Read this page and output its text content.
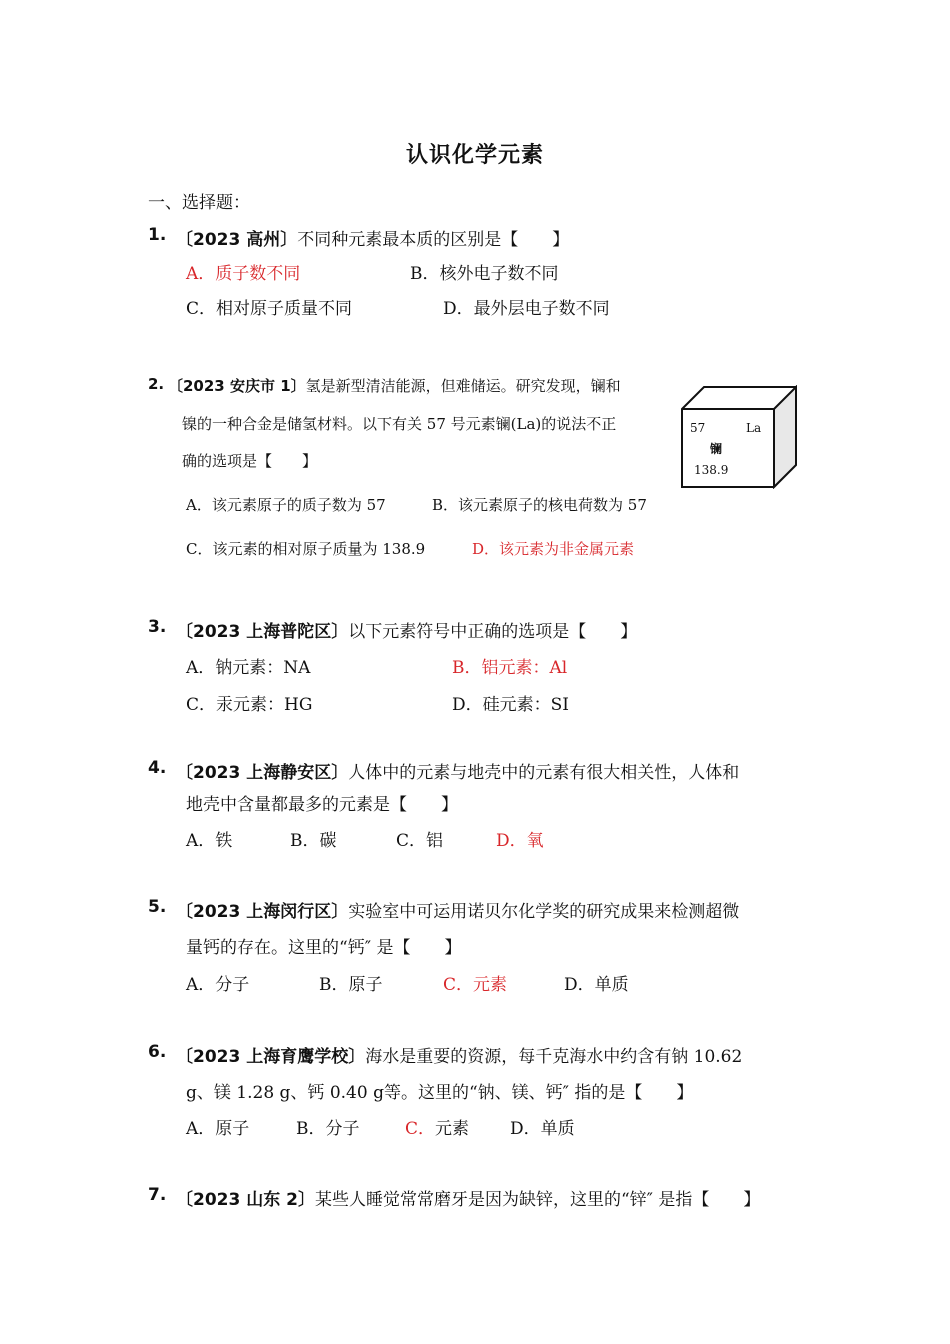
认识化学元素
一、选择题：
1. 〔2023 高州〕不同种元素最本质的区别是【　　】
A．质子数不同	B．核外电子数不同
C．相对原子质量不同	D．最外层电子数不同
2. 〔2023 安庆市 1〕氢是新型清洁能源，但难储运。研究发现，镧和
镍的一种合金是储氢材料。以下有关 57 号元素镧(La)的说法不正
确的选项是【　　】
A．该元素原子的质子数为 57	B．该元素原子的核电荷数为 57
C．该元素的相对原子质量为 138.9	D．该元素为非金属元素
57	La
镧
138.9
3. 〔2023 上海普陀区〕以下元素符号中正确的选项是【　　】
A．钠元素：NA	B．铝元素：Al
C．汞元素：HG	D．硅元素：SI
4. 〔2023 上海静安区〕人体中的元素与地壳中的元素有很大相关性，人体和
地壳中含量都最多的元素是【　　】
A．铁	B．碳	C．铝	D．氧
5. 〔2023 上海闵行区〕实验室中可运用诺贝尔化学奖的研究成果来检测超微
量钙的存在。这里的“钙″ 是【　　】
A．分子	B．原子	C．元素	D．单质
6. 〔2023 上海育鹰学校〕海水是重要的资源，每千克海水中约含有钠 10.62
g、镁 1.28 g、钙 0.40 g等。这里的“钠、镁、钙″ 指的是【　　】
A．原子	B．分子	C．元素 D．单质
7. 〔2023 山东 2〕某些人睡觉常常磨牙是因为缺锌，这里的“锌″ 是指【　　】
